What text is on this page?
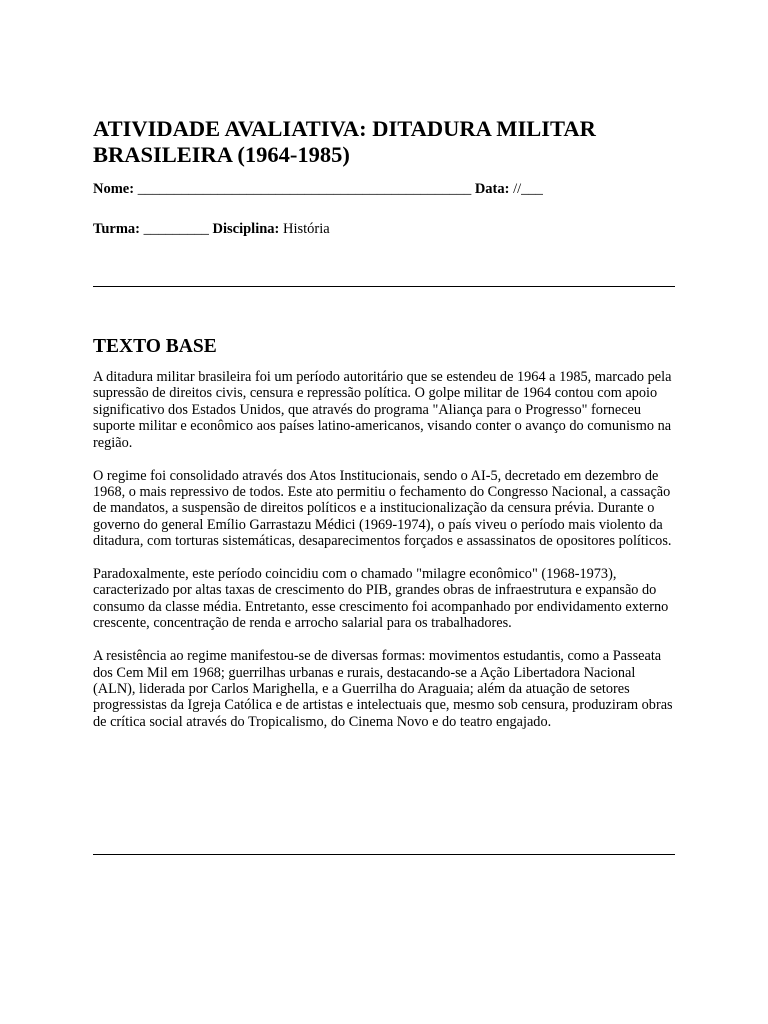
ATIVIDADE AVALIATIVA: DITADURA MILITAR BRASILEIRA (1964-1985)
Nome: ______________________________________________ Data: //___
Turma: _________ Disciplina: História
TEXTO BASE

A ditadura militar brasileira foi um período autoritário que se estendeu de 1964 a 1985, marcado pela supressão de direitos civis, censura e repressão política. O golpe militar de 1964 contou com apoio significativo dos Estados Unidos, que através do programa "Aliança para o Progresso" forneceu suporte militar e econômico aos países latino-americanos, visando conter o avanço do comunismo na região.

O regime foi consolidado através dos Atos Institucionais, sendo o AI-5, decretado em dezembro de 1968, o mais repressivo de todos. Este ato permitiu o fechamento do Congresso Nacional, a cassação de mandatos, a suspensão de direitos políticos e a institucionalização da censura prévia. Durante o governo do general Emílio Garrastazu Médici (1969-1974), o país viveu o período mais violento da ditadura, com torturas sistemáticas, desaparecimentos forçados e assassinatos de opositores políticos.

Paradoxalmente, este período coincidiu com o chamado "milagre econômico" (1968-1973), caracterizado por altas taxas de crescimento do PIB, grandes obras de infraestrutura e expansão do consumo da classe média. Entretanto, esse crescimento foi acompanhado por endividamento externo crescente, concentração de renda e arrocho salarial para os trabalhadores.

A resistência ao regime manifestou-se de diversas formas: movimentos estudantis, como a Passeata dos Cem Mil em 1968; guerrilhas urbanas e rurais, destacando-se a Ação Libertadora Nacional (ALN), liderada por Carlos Marighella, e a Guerrilha do Araguaia; além da atuação de setores progressistas da Igreja Católica e de artistas e intelectuais que, mesmo sob censura, produziram obras de crítica social através do Tropicalismo, do Cinema Novo e do teatro engajado.
